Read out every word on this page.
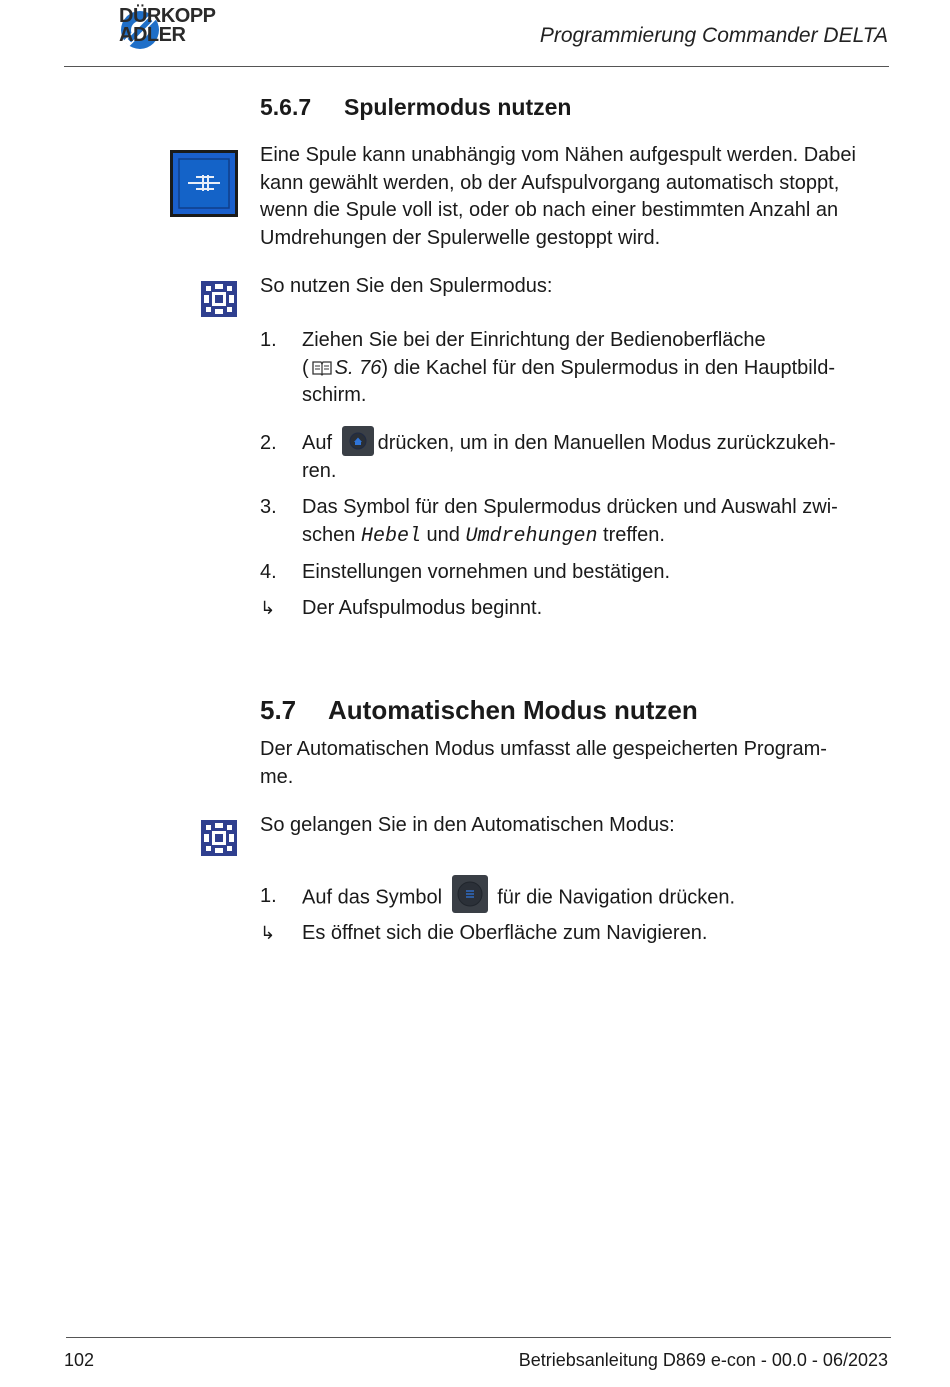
DÜRKOPP
ADLER	Programmierung Commander DELTA
5.6.7 Spulermodus nutzen
Eine Spule kann unabhängig vom Nähen aufgespult werden. Dabei kann gewählt werden, ob der Aufspulvorgang automatisch stoppt, wenn die Spule voll ist, oder ob nach einer bestimmten Anzahl an Umdrehungen der Spulerwelle gestoppt wird.
So nutzen Sie den Spulermodus:
1. Ziehen Sie bei der Einrichtung der Bedienoberfläche
( S. 76) die Kachel für den Spulermodus in den Hauptbild-
schirm.
2. Auf drücken, um in den Manuellen Modus zurückzukeh-
ren.
3. Das Symbol für den Spulermodus drücken und Auswahl zwi-
schen Hebel und Umdrehungen treffen.
4. Einstellungen vornehmen und bestätigen.
↳ Der Aufspulmodus beginnt.
5.7 Automatischen Modus nutzen
Der Automatischen Modus umfasst alle gespeicherten Program-
me.
So gelangen Sie in den Automatischen Modus:
1. Auf das Symbol	für die Navigation drücken.
↳ Es öffnet sich die Oberfläche zum Navigieren.
102	Betriebsanleitung D869 e-con - 00.0 - 06/2023
